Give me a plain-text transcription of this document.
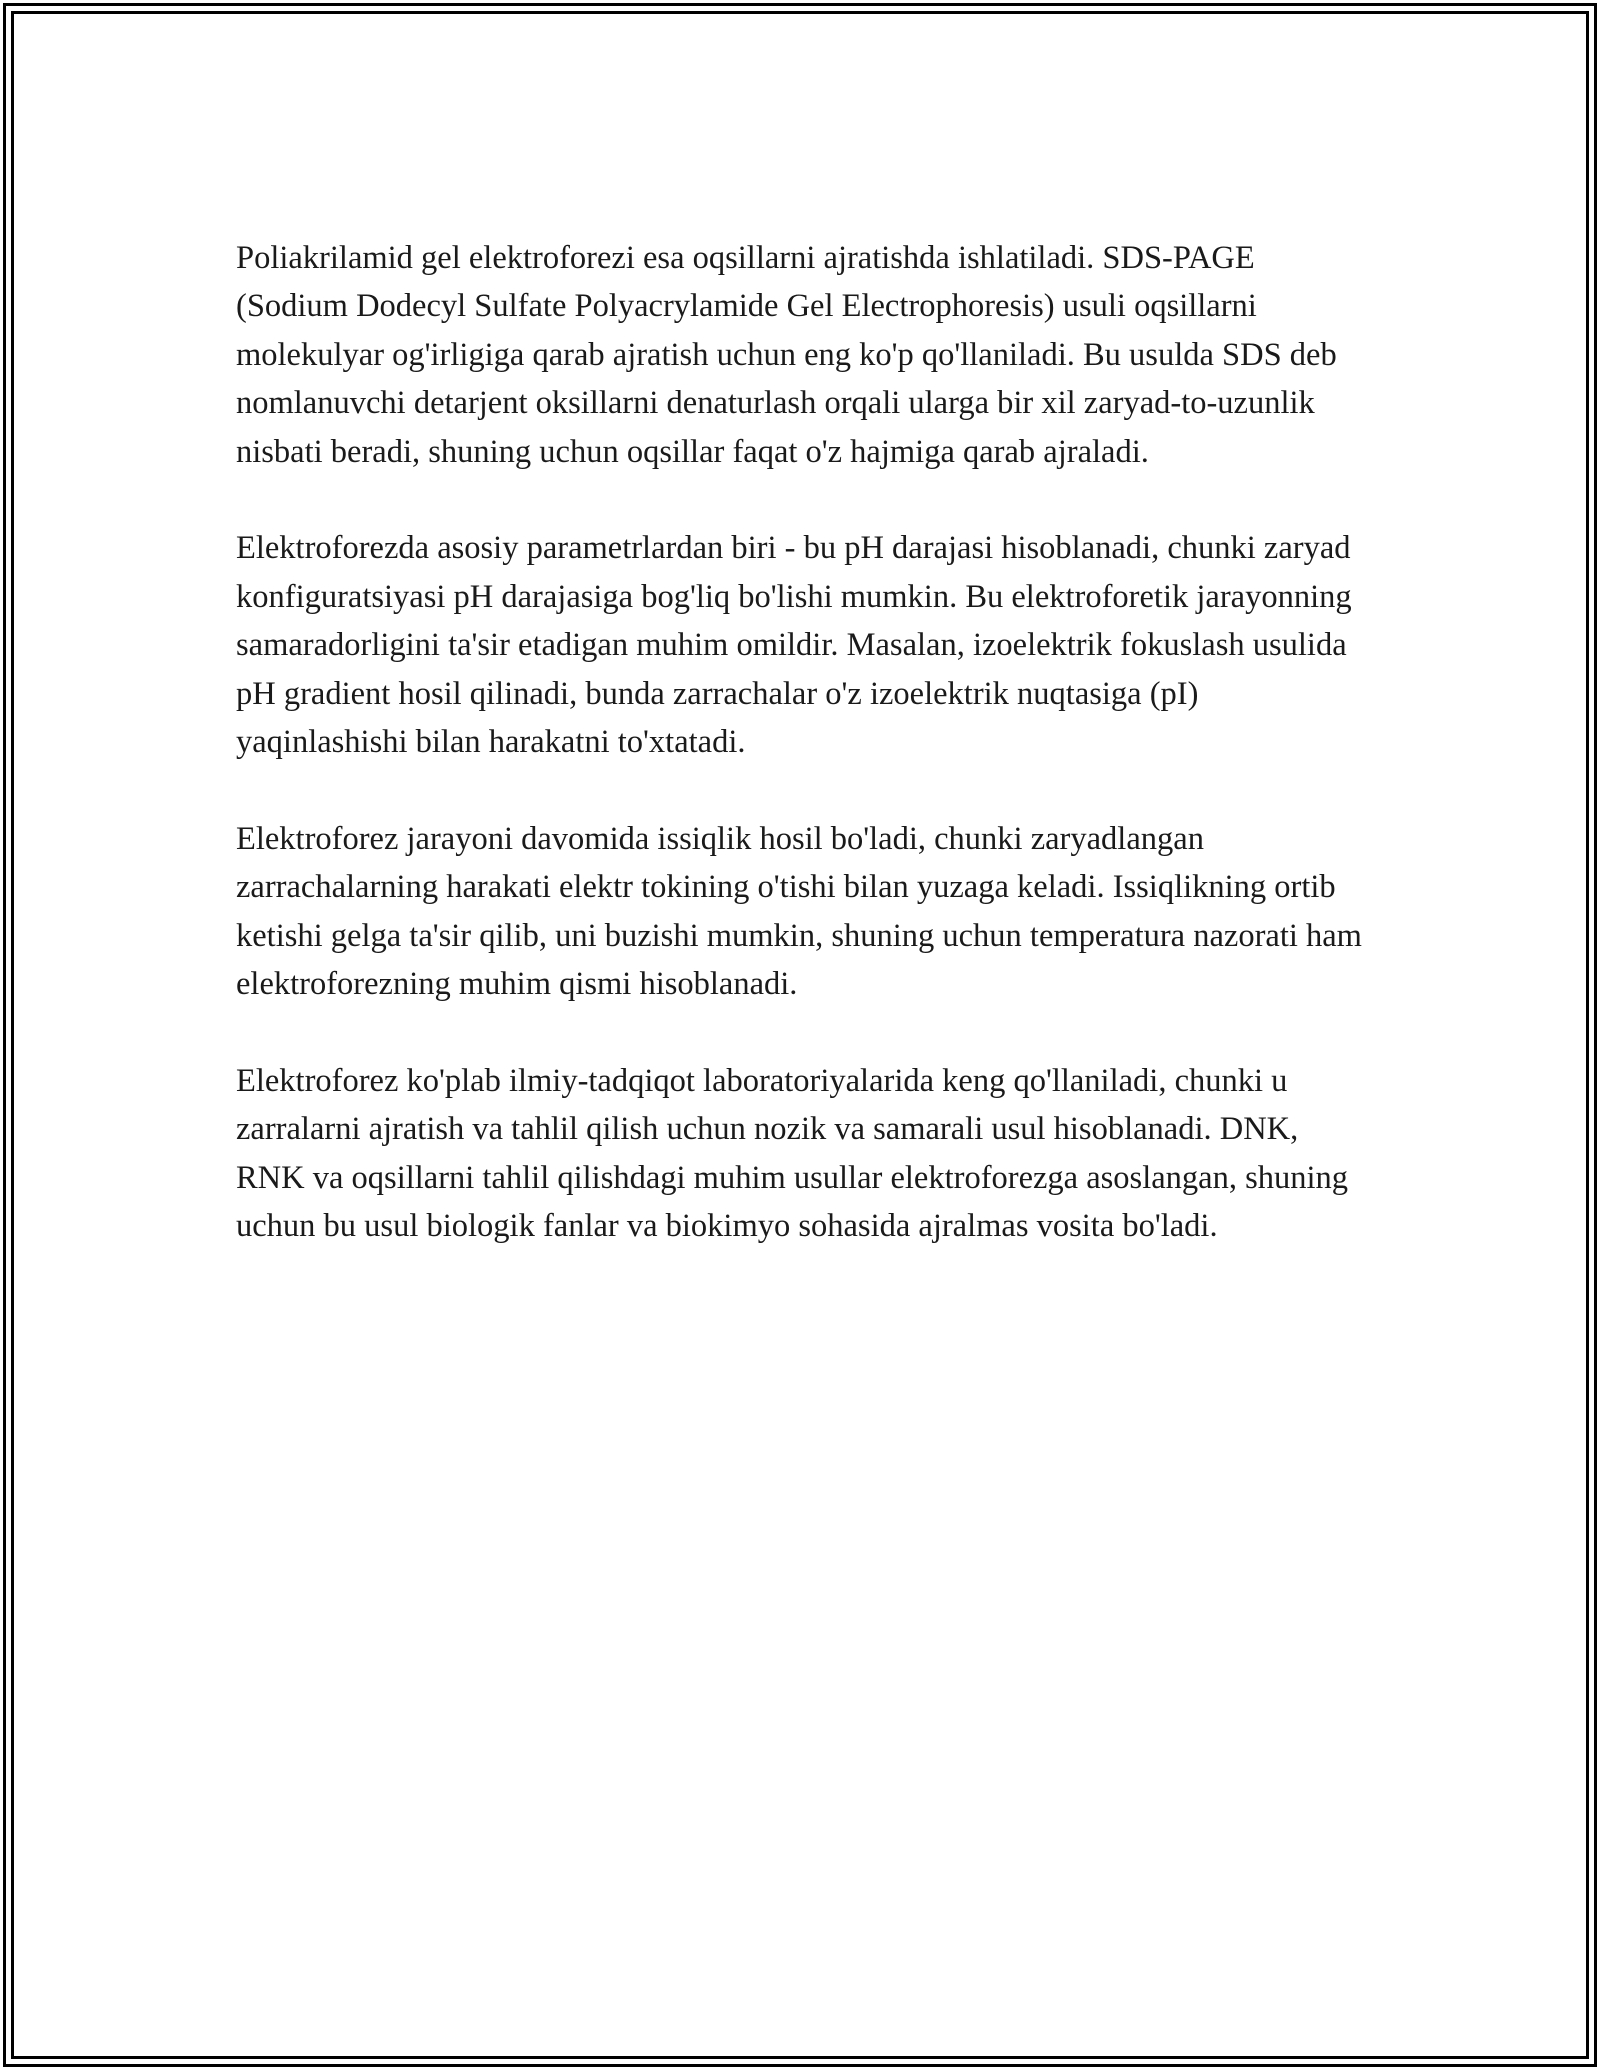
Poliakrilamid gel elektroforezi esa oqsillarni ajratishda ishlatiladi. SDS-PAGE (Sodium Dodecyl Sulfate Polyacrylamide Gel Electrophoresis) usuli oqsillarni molekulyar og'irligiga qarab ajratish uchun eng ko'p qo'llaniladi. Bu usulda SDS deb nomlanuvchi detarjent oksillarni denaturlash orqali ularga bir xil zaryad-to-uzunlik nisbati beradi, shuning uchun oqsillar faqat o'z hajmiga qarab ajraladi.

Elektroforezda asosiy parametrlardan biri - bu pH darajasi hisoblanadi, chunki zaryad konfiguratsiyasi pH darajasiga bog'liq bo'lishi mumkin. Bu elektroforetik jarayonning samaradorligini ta'sir etadigan muhim omildir. Masalan, izoelektrik fokuslash usulida pH gradient hosil qilinadi, bunda zarrachalar o'z izoelektrik nuqtasiga (pI) yaqinlashishi bilan harakatni to'xtatadi.

Elektroforez jarayoni davomida issiqlik hosil bo'ladi, chunki zaryadlangan zarrachalarning harakati elektr tokining o'tishi bilan yuzaga keladi. Issiqlikning ortib ketishi gelga ta'sir qilib, uni buzishi mumkin, shuning uchun temperatura nazorati ham elektroforezning muhim qismi hisoblanadi.

Elektroforez ko'plab ilmiy-tadqiqot laboratoriyalarida keng qo'llaniladi, chunki u zarralarni ajratish va tahlil qilish uchun nozik va samarali usul hisoblanadi. DNK, RNK va oqsillarni tahlil qilishdagi muhim usullar elektroforezga asoslangan, shuning uchun bu usul biologik fanlar va biokimyo sohasida ajralmas vosita bo'ladi.
